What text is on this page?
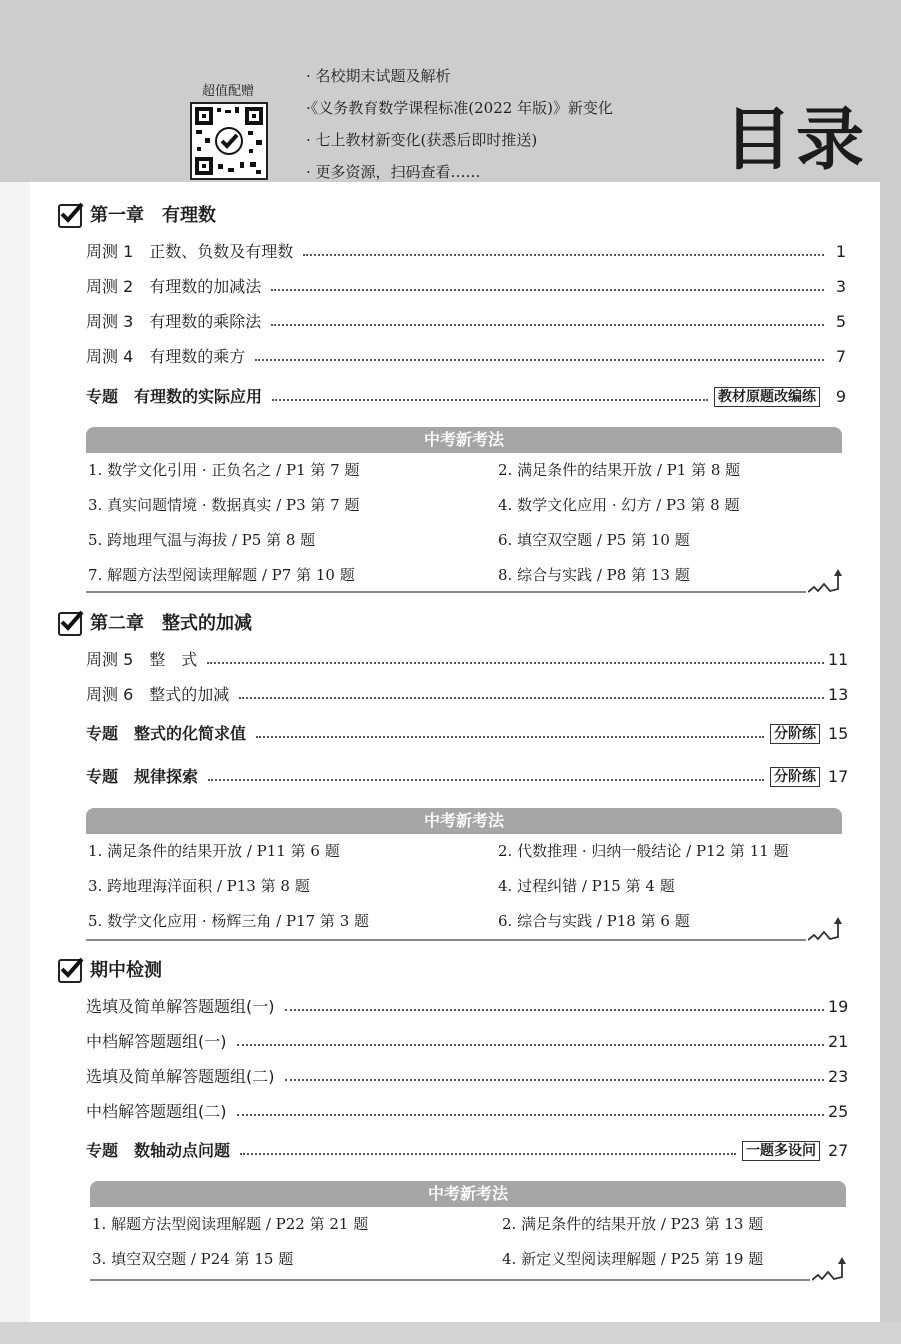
超值配赠
· 名校期末试题及解析
·《义务教育数学课程标准(2022 年版)》新变化
· 七上教材新变化(获悉后即时推送)
· 更多资源，扫码查看……	目录
第一章　有理数
周测 1　正数、负数及有理数	1
周测 2　有理数的加减法	3
周测 3　有理数的乘除法	5
周测 4　有理数的乘方	7
专题　有理数的实际应用	教材原题改编练	9
中考新考法
1. 数学文化引用 · 正负名之 / P1 第 7 题	2. 满足条件的结果开放 / P1 第 8 题
3. 真实问题情境 · 数据真实 / P3 第 7 题	4. 数学文化应用 · 幻方 / P3 第 8 题
5. 跨地理气温与海拔 / P5 第 8 题	6. 填空双空题 / P5 第 10 题
7. 解题方法型阅读理解题 / P7 第 10 题	8. 综合与实践 / P8 第 13 题
第二章　整式的加减
周测 5　整　式	11
周测 6　整式的加减	13
专题　整式的化简求值	分阶练 15
专题　规律探索	分阶练 17
中考新考法
1. 满足条件的结果开放 / P11 第 6 题	2. 代数推理 · 归纳一般结论 / P12 第 11 题
3. 跨地理海洋面积 / P13 第 8 题	4. 过程纠错 / P15 第 4 题
5. 数学文化应用 · 杨辉三角 / P17 第 3 题	6. 综合与实践 / P18 第 6 题
期中检测
选填及简单解答题题组(一)	19
中档解答题题组(一)	21
选填及简单解答题题组(二)	23
中档解答题题组(二)	25
专题　数轴动点问题	一题多设问 27
中考新考法
1. 解题方法型阅读理解题 / P22 第 21 题	2. 满足条件的结果开放 / P23 第 13 题
3. 填空双空题 / P24 第 15 题	4. 新定义型阅读理解题 / P25 第 19 题
